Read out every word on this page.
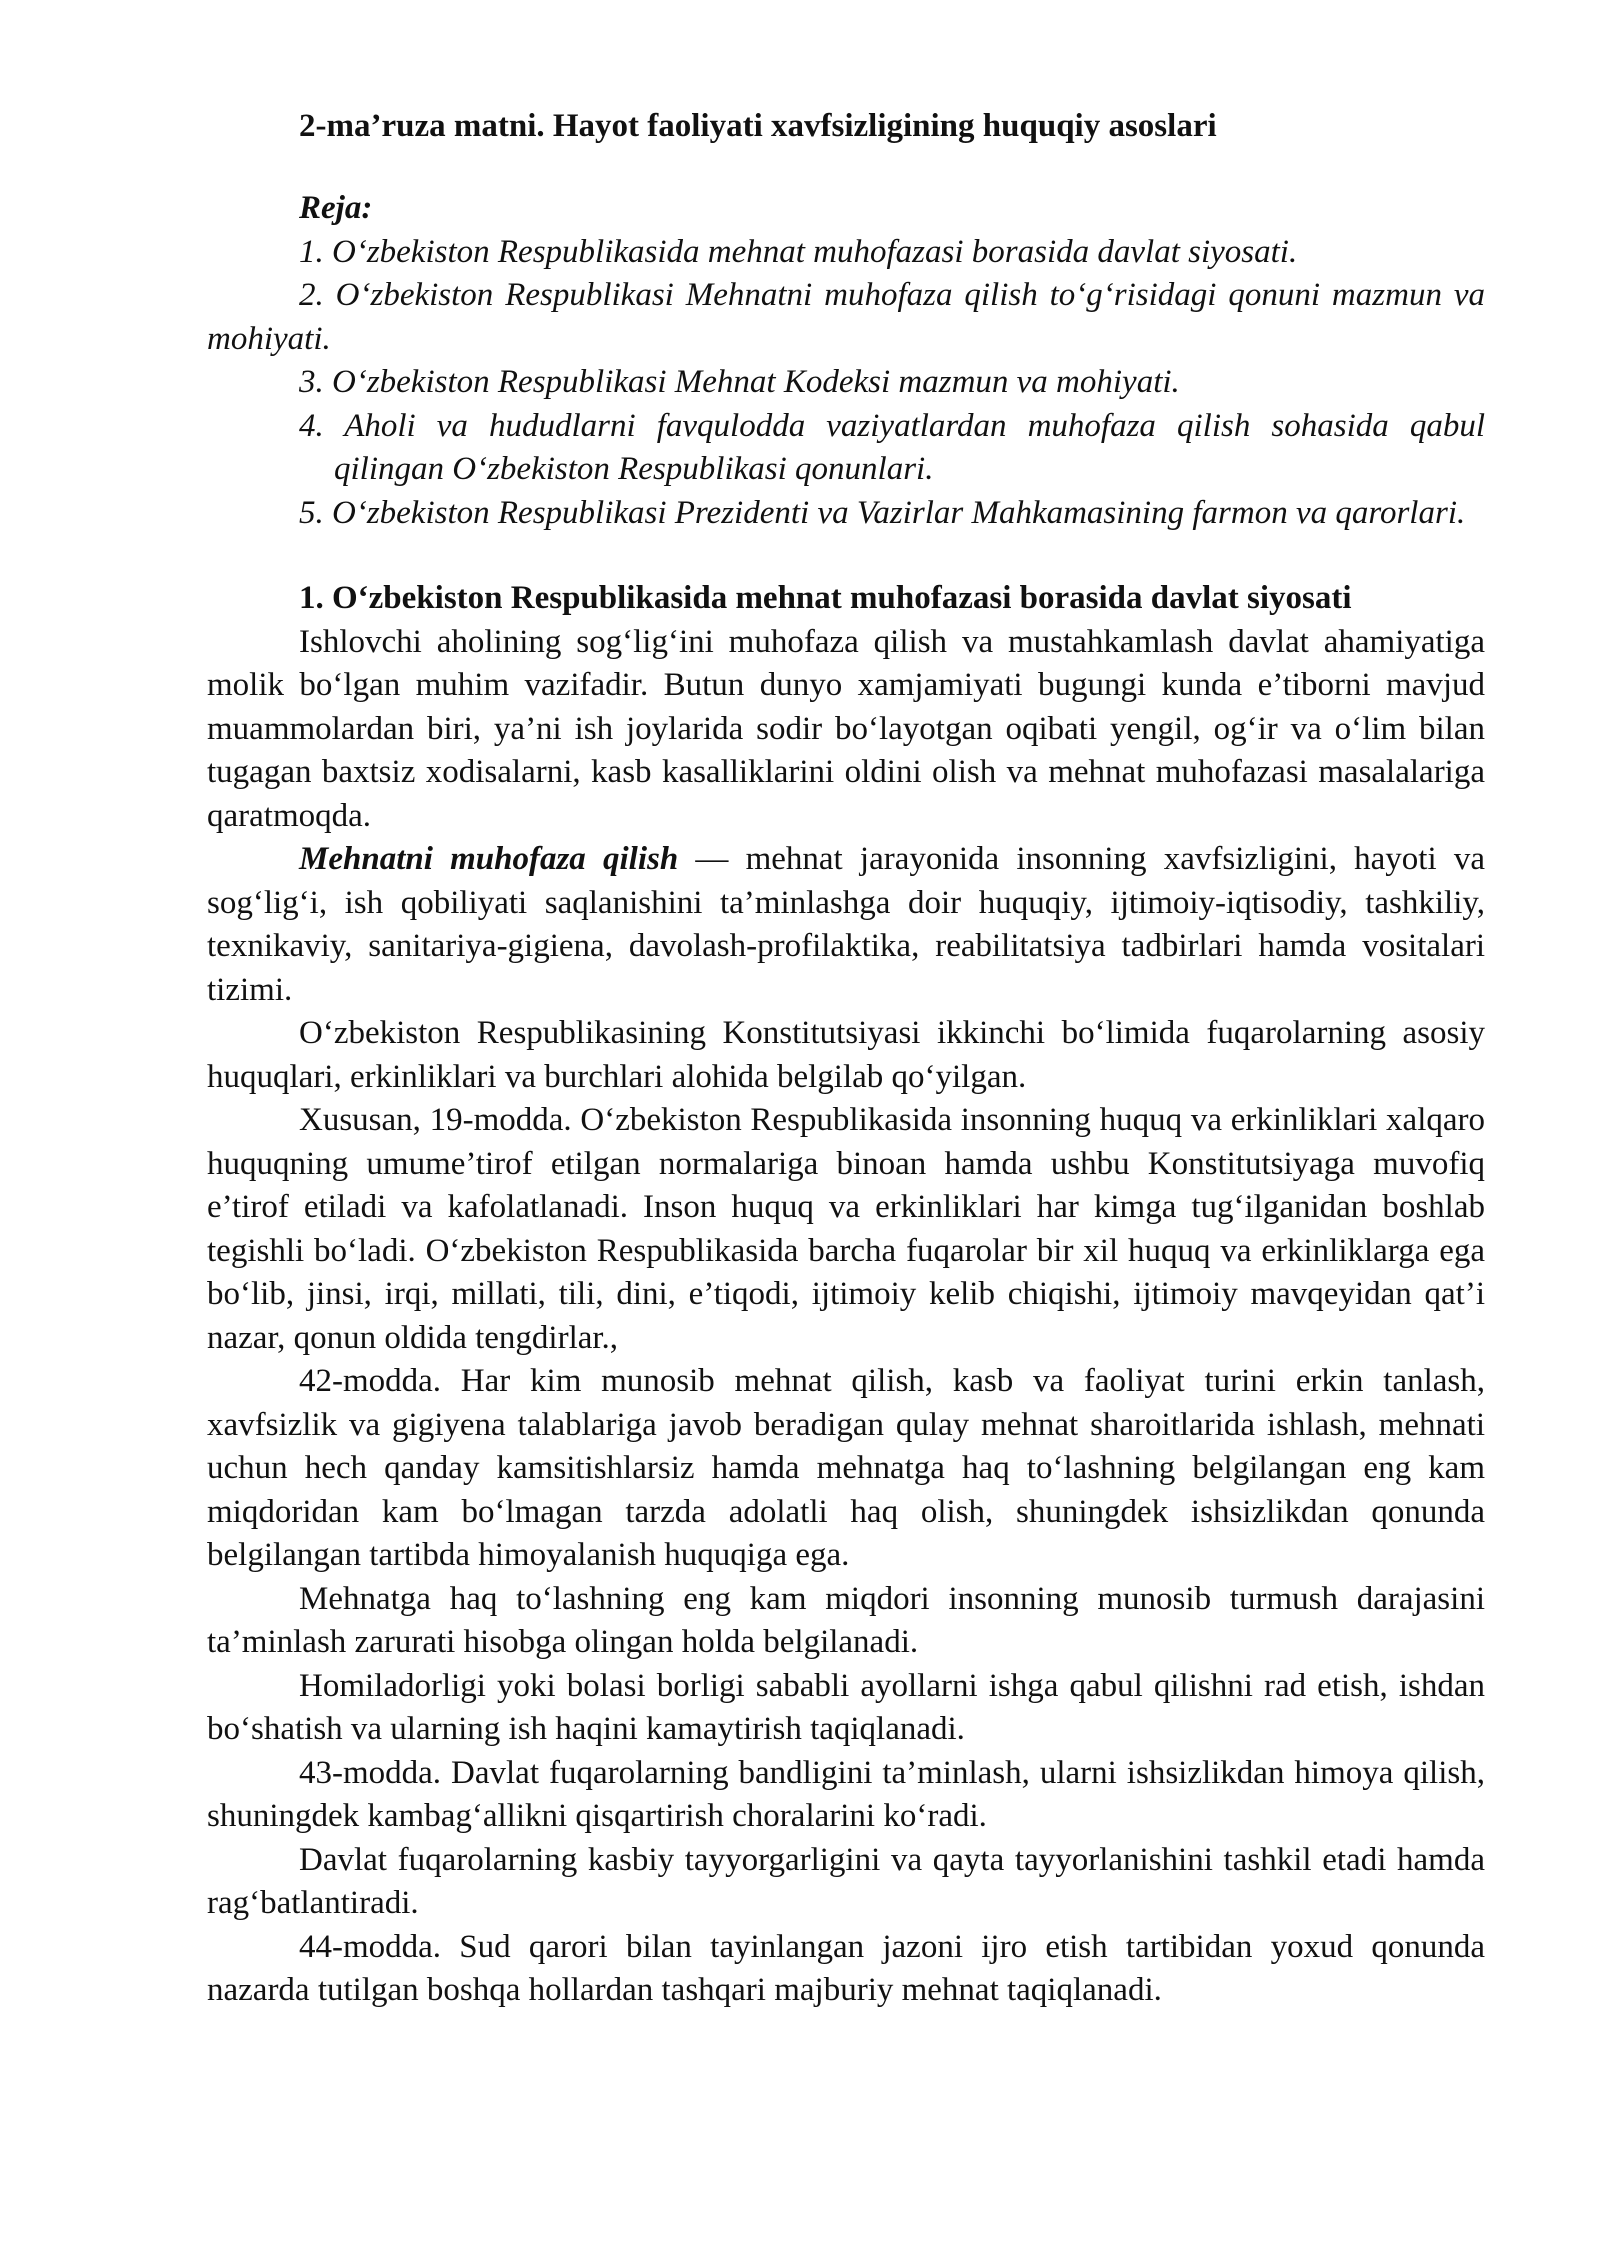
2-ma’ruza matni. Hayot faoliyati xavfsizligining huquqiy asoslari
Reja:
1. O‘zbekiston Respublikasida mehnat muhofazasi borasida davlat siyosati.
2. O‘zbekiston Respublikasi Mehnatni muhofaza qilish to‘g‘risidagi qonuni mazmun va mohiyati.
3. O‘zbekiston Respublikasi Mehnat Kodeksi mazmun va mohiyati.
4. Aholi va hududlarni favqulodda vaziyatlardan muhofaza qilish sohasida qabul qilingan O‘zbekiston Respublikasi qonunlari.
5. O‘zbekiston Respublikasi Prezidenti va Vazirlar Mahkamasining farmon va qarorlari.
1. O‘zbekiston Respublikasida mehnat muhofazasi borasida davlat siyosati

Ishlovchi aholining sog‘lig‘ini muhofaza qilish va mustahkamlash davlat ahamiyatiga molik bo‘lgan muhim vazifadir. Butun dunyo xamjamiyati bugungi kunda e’tiborni mavjud muammolardan biri, ya’ni ish joylarida sodir bo‘layotgan oqibati yengil, og‘ir va o‘lim bilan tugagan baxtsiz xodisalarni, kasb kasalliklarini oldini olish va mehnat muhofazasi masalalariga qaratmoqda.

Mehnatni muhofaza qilish — mehnat jarayonida insonning xavfsizligini, hayoti va sog‘lig‘i, ish qobiliyati saqlanishini ta’minlashga doir huquqiy, ijtimoiy-iqtisodiy, tashkiliy, texnikaviy, sanitariya-gigiena, davolash-profilaktika, reabilitatsiya tadbirlari hamda vositalari tizimi.

O‘zbekiston Respublikasining Konstitutsiyasi ikkinchi bo‘limida fuqarolarning asosiy huquqlari, erkinliklari va burchlari alohida belgilab qo‘yilgan.

Xususan, 19-modda. O‘zbekiston Respublikasida insonning huquq va erkinliklari xalqaro huquqning umume’tirof etilgan normalariga binoan hamda ushbu Konstitutsiyaga muvofiq e’tirof etiladi va kafolatlanadi. Inson huquq va erkinliklari har kimga tug‘ilganidan boshlab tegishli bo‘ladi. O‘zbekiston Respublikasida barcha fuqarolar bir xil huquq va erkinliklarga ega bo‘lib, jinsi, irqi, millati, tili, dini, e’tiqodi, ijtimoiy kelib chiqishi, ijtimoiy mavqeyidan qat’i nazar, qonun oldida tengdirlar.,

42-modda. Har kim munosib mehnat qilish, kasb va faoliyat turini erkin tanlash, xavfsizlik va gigiyena talablariga javob beradigan qulay mehnat sharoitlarida ishlash, mehnati uchun hech qanday kamsitishlarsiz hamda mehnatga haq to‘lashning belgilangan eng kam miqdoridan kam bo‘lmagan tarzda adolatli haq olish, shuningdek ishsizlikdan qonunda belgilangan tartibda himoyalanish huquqiga ega.

Mehnatga haq to‘lashning eng kam miqdori insonning munosib turmush darajasini ta’minlash zarurati hisobga olingan holda belgilanadi.

Homiladorligi yoki bolasi borligi sababli ayollarni ishga qabul qilishni rad etish, ishdan bo‘shatish va ularning ish haqini kamaytirish taqiqlanadi.

43-modda. Davlat fuqarolarning bandligini ta’minlash, ularni ishsizlikdan himoya qilish, shuningdek kambag‘allikni qisqartirish choralarini ko‘radi.

Davlat fuqarolarning kasbiy tayyorgarligini va qayta tayyorlanishini tashkil etadi hamda rag‘batlantiradi.

44-modda. Sud qarori bilan tayinlangan jazoni ijro etish tartibidan yoxud qonunda nazarda tutilgan boshqa hollardan tashqari majburiy mehnat taqiqlanadi.
